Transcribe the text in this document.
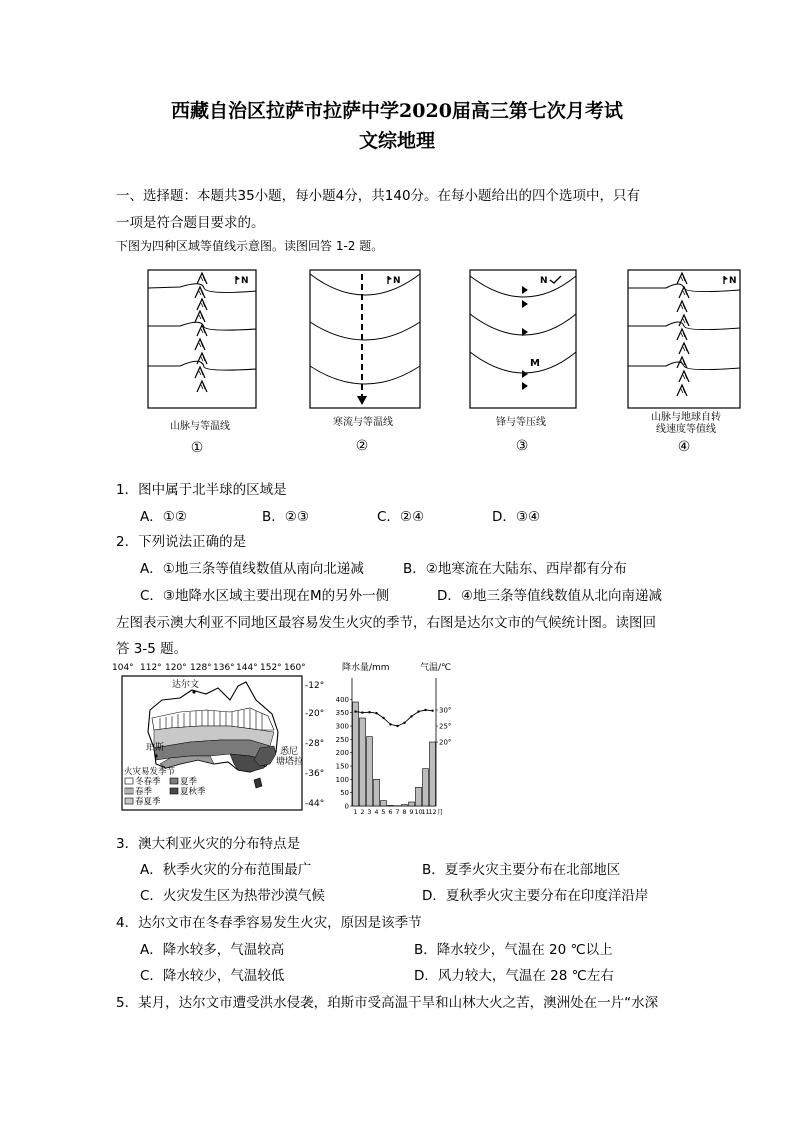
西藏自治区拉萨市拉萨中学2020届高三第七次月考试
文综地理
一、选择题：本题共35小题，每小题4分，共140分。在每小题给出的四个选项中，只有
一项是符合题目要求的。
下图为四种区域等值线示意图。读图回答 1-2 题。
N	N
M
N	N
山脉与等温线	寒流与等温线	锋与等压线	山脉与地球自转
线速度等值线
①	②	③	④
1．图中属于北半球的区域是
A．①②	B．②③	C．②④	D．③④
2．下列说法正确的是
A．①地三条等值线数值从南向北递减	B．②地寒流在大陆东、西岸都有分布
C．③地降水区域主要出现在M的另外一侧	D．④地三条等值线数值从北向南递减
左图表示澳大利亚不同地区最容易发生火灾的季节，右图是达尔文市的气候统计图。读图回
答 3-5 题。
104° 112° 120° 128° 136° 144° 152° 160°
-12°
-20°
-28°
-36°
-44°
达尔文
珀斯	悉尼
塘塔拉
火灾易发季节
冬春季
春季
春夏季
夏季
夏秋季
降水量/mm	气温/℃
0
50
100
150
200
250
300
350
400
30°
25°
20°
1 2 3 4 5 6 7 8 9 10
11
12 月
3．澳大利亚火灾的分布特点是
A．秋季火灾的分布范围最广	B．夏季火灾主要分布在北部地区
C．火灾发生区为热带沙漠气候	D．夏秋季火灾主要分布在印度洋沿岸
4．达尔文市在冬春季容易发生火灾，原因是该季节
A．降水较多，气温较高	B．降水较少，气温在 20 ℃以上
C．降水较少，气温较低	D．风力较大，气温在 28 ℃左右
5．某月，达尔文市遭受洪水侵袭，珀斯市受高温干旱和山林大火之苦，澳洲处在一片“水深
